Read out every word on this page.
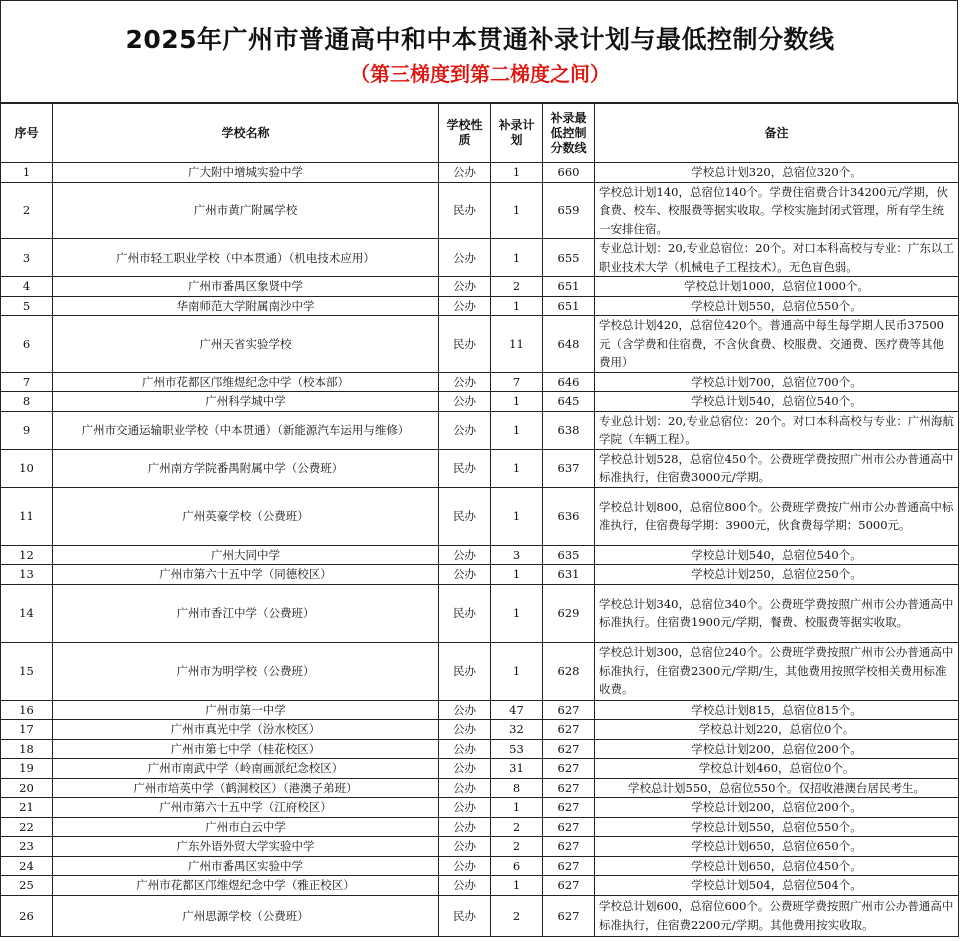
2025年广州市普通高中和中本贯通补录计划与最低控制分数线
（第三梯度到第二梯度之间）
序号	学校名称	学校性质	补录计划	补录最低控制分数线	备注
1	广大附中增城实验中学	公办	1	660	学校总计划320，总宿位320个。
2	广州市黄广附属学校	民办	1	659	学校总计划140，总宿位140个。学费住宿费合计34200元/学期，伙食费、校车、校服费等据实收取。学校实施封闭式管理，所有学生统一安排住宿。
3	广州市轻工职业学校（中本贯通）（机电技术应用）	公办	1	655	专业总计划：20,专业总宿位：20个。对口本科高校与专业：广东以工职业技术大学（机械电子工程技术）。无色盲色弱。
4	广州市番禺区象贤中学	公办	2	651	学校总计划1000，总宿位1000个。
5	华南师范大学附属南沙中学	公办	1	651	学校总计划550，总宿位550个。
6	广州天省实验学校	民办	11	648	学校总计划420，总宿位420个。普通高中每生每学期人民币37500元（含学费和住宿费，不含伙食费、校服费、交通费、医疗费等其他费用）
7	广州市花都区邝维煜纪念中学（校本部）	公办	7	646	学校总计划700，总宿位700个。
8	广州科学城中学	公办	1	645	学校总计划540，总宿位540个。
9	广州市交通运输职业学校（中本贯通）（新能源汽车运用与维修）	公办	1	638	专业总计划：20,专业总宿位：20个。对口本科高校与专业：广州海航学院（车辆工程）。
10	广州南方学院番禺附属中学（公费班）	民办	1	637	学校总计划528，总宿位450个。公费班学费按照广州市公办普通高中标准执行，住宿费3000元/学期。
11	广州英豪学校（公费班）	民办	1	636	学校总计划800，总宿位800个。公费班学费按广州市公办普通高中标准执行，住宿费每学期：3900元，伙食费每学期：5000元。
12	广州大同中学	公办	3	635	学校总计划540，总宿位540个。
13	广州市第六十五中学（同德校区）	公办	1	631	学校总计划250，总宿位250个。
14	广州市香江中学（公费班）	民办	1	629	学校总计划340，总宿位340个。公费班学费按照广州市公办普通高中标准执行。住宿费1900元/学期，餐费、校服费等据实收取。
15	广州市为明学校（公费班）	民办	1	628	学校总计划300，总宿位240个。公费班学费按照广州市公办普通高中标准执行，住宿费2300元/学期/生，其他费用按照学校相关费用标准收费。
16	广州市第一中学	公办	47	627	学校总计划815，总宿位815个。
17	广州市真光中学（汾水校区）	公办	32	627	学校总计划220，总宿位0个。
18	广州市第七中学（桂花校区）	公办	53	627	学校总计划200，总宿位200个。
19	广州市南武中学（岭南画派纪念校区）	公办	31	627	学校总计划460，总宿位0个。
20	广州市培英中学（鹤洞校区）（港澳子弟班）	公办	8	627	学校总计划550，总宿位550个。仅招收港澳台居民考生。
21	广州市第六十五中学（江府校区）	公办	1	627	学校总计划200，总宿位200个。
22	广州市白云中学	公办	2	627	学校总计划550，总宿位550个。
23	广东外语外贸大学实验中学	公办	2	627	学校总计划650，总宿位650个。
24	广州市番禺区实验中学	公办	6	627	学校总计划650，总宿位450个。
25	广州市花都区邝维煜纪念中学（雅正校区）	公办	1	627	学校总计划504，总宿位504个。
26	广州思源学校（公费班）	民办	2	627	学校总计划600，总宿位600个。公费班学费按照广州市公办普通高中标准执行，住宿费2200元/学期。其他费用按实收取。
